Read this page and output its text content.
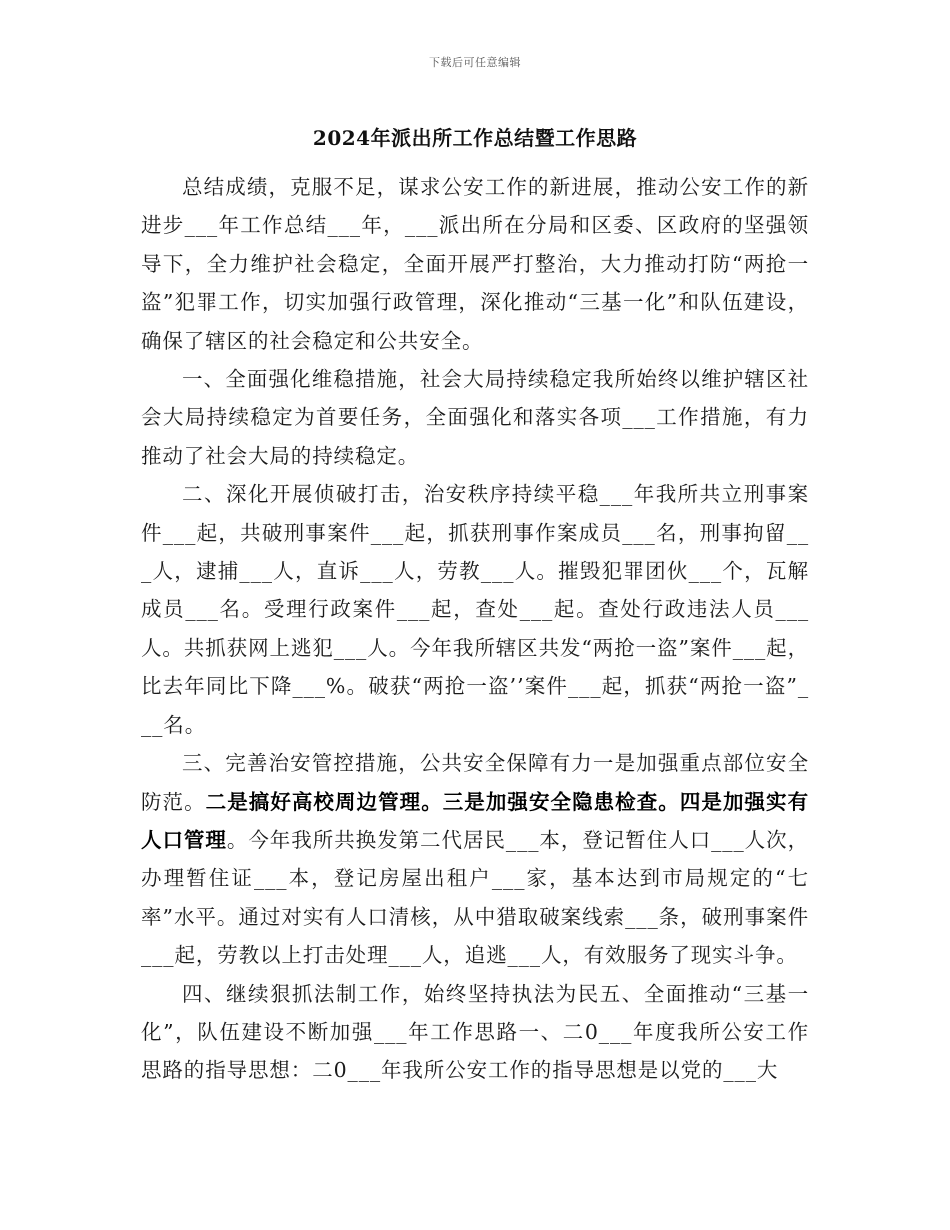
下载后可任意编辑
2024年派出所工作总结暨工作思路

总结成绩，克服不足，谋求公安工作的新进展，推动公安工作的新进步___年工作总结___年，___派出所在分局和区委、区政府的坚强领导下，全力维护社会稳定，全面开展严打整治，大力推动打防“两抢一盗”犯罪工作，切实加强行政管理，深化推动“三基一化”和队伍建设，确保了辖区的社会稳定和公共安全。

一、全面强化维稳措施，社会大局持续稳定我所始终以维护辖区社会大局持续稳定为首要任务，全面强化和落实各项___工作措施，有力推动了社会大局的持续稳定。

二、深化开展侦破打击，治安秩序持续平稳___年我所共立刑事案件___起，共破刑事案件___起，抓获刑事作案成员___名，刑事拘留___人，逮捕___人，直诉___人，劳教___人。摧毁犯罪团伙___个，瓦解成员___名。受理行政案件___起，查处___起。查处行政违法人员___人。共抓获网上逃犯___人。今年我所辖区共发“两抢一盗”案件___起，比去年同比下降___%。破获“两抢一盗’’案件___起，抓获“两抢一盗”___名。

三、完善治安管控措施，公共安全保障有力一是加强重点部位安全防范。二是搞好高校周边管理。三是加强安全隐患检查。四是加强实有人口管理。今年我所共换发第二代居民___本，登记暂住人口___人次，办理暂住证___本，登记房屋出租户___家，基本达到市局规定的“七率”水平。通过对实有人口清核，从中猎取破案线索___条，破刑事案件___起，劳教以上打击处理___人，追逃___人，有效服务了现实斗争。

四、继续狠抓法制工作，始终坚持执法为民五、全面推动“三基一化”，队伍建设不断加强___年工作思路一、二0___年度我所公安工作思路的指导思想：二0___年我所公安工作的指导思想是以党的___大
